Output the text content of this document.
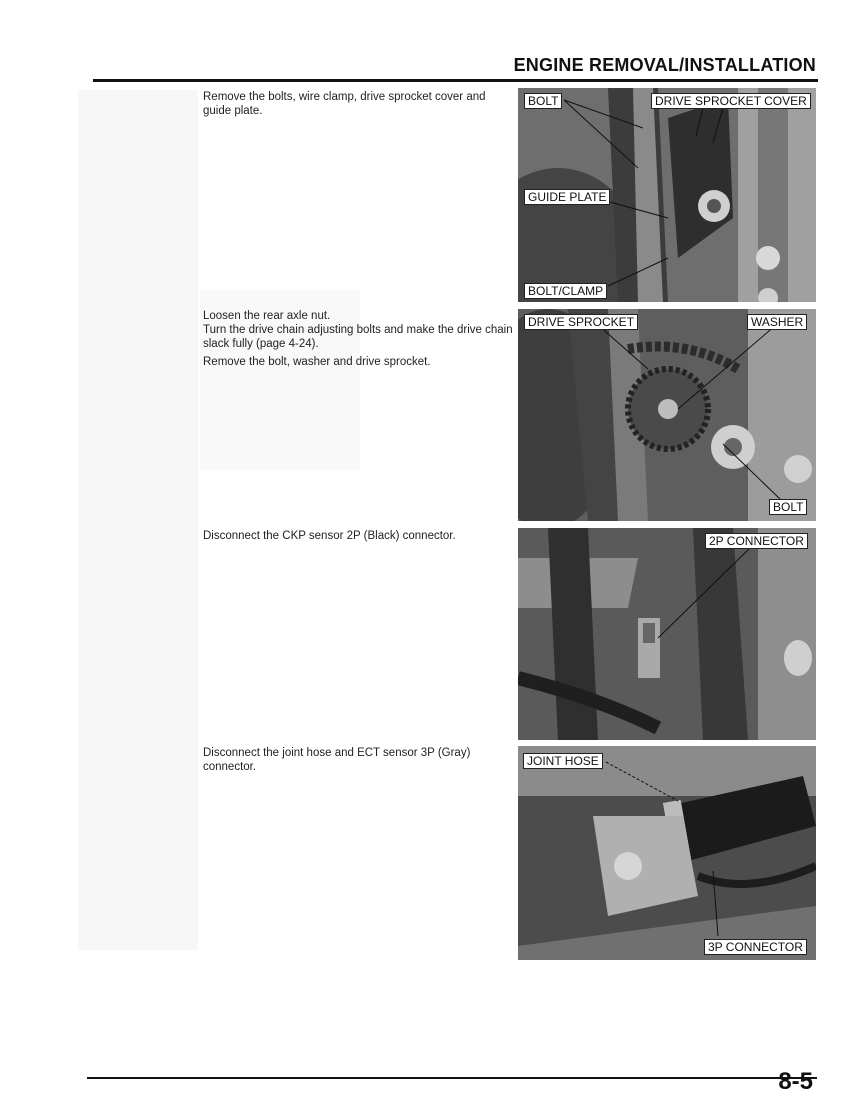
ENGINE REMOVAL/INSTALLATION

Remove the bolts, wire clamp, drive sprocket cover and guide plate.

BOLT	DRIVE SPROCKET COVER
GUIDE PLATE
BOLT/CLAMP

Loosen the rear axle nut.

Turn the drive chain adjusting bolts and make the drive chain slack fully (page 4-24).

Remove the bolt, washer and drive sprocket.

DRIVE SPROCKET	WASHER
BOLT

Disconnect the CKP sensor 2P (Black) connector.	2P CONNECTOR

Disconnect the joint hose and ECT sensor 3P (Gray) connector.	JOINT HOSE
3P CONNECTOR
8-5
